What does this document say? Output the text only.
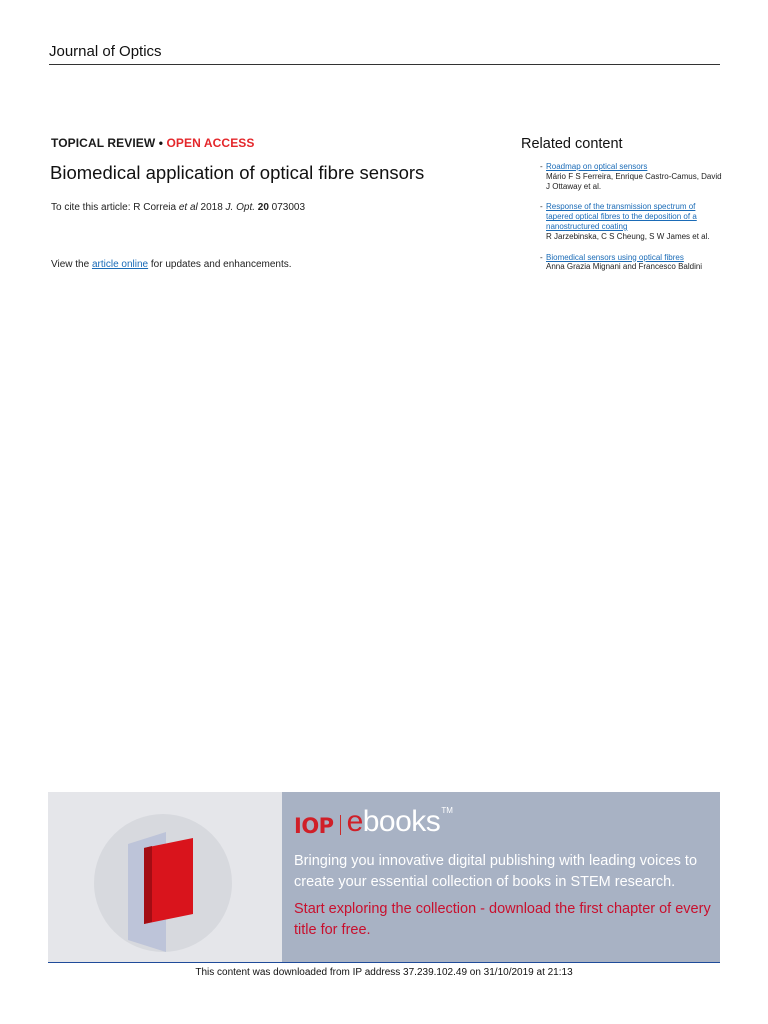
Journal of Optics
TOPICAL REVIEW • OPEN ACCESS
Biomedical application of optical fibre sensors
To cite this article: R Correia et al 2018 J. Opt. 20 073003
View the article online for updates and enhancements.
Related content
- Roadmap on optical sensors
Mário F S Ferreira, Enrique Castro-Camus, David J Ottaway et al.
- Response of the transmission spectrum of tapered optical fibres to the deposition of a nanostructured coating
R Jarzebinska, C S Cheung, S W James et al.
- Biomedical sensors using optical fibres
Anna Grazia Mignani and Francesco Baldini
IOP ebooks TM
Bringing you innovative digital publishing with leading voices to create your essential collection of books in STEM research.
Start exploring the collection - download the first chapter of every title for free.
This content was downloaded from IP address 37.239.102.49 on 31/10/2019 at 21:13
